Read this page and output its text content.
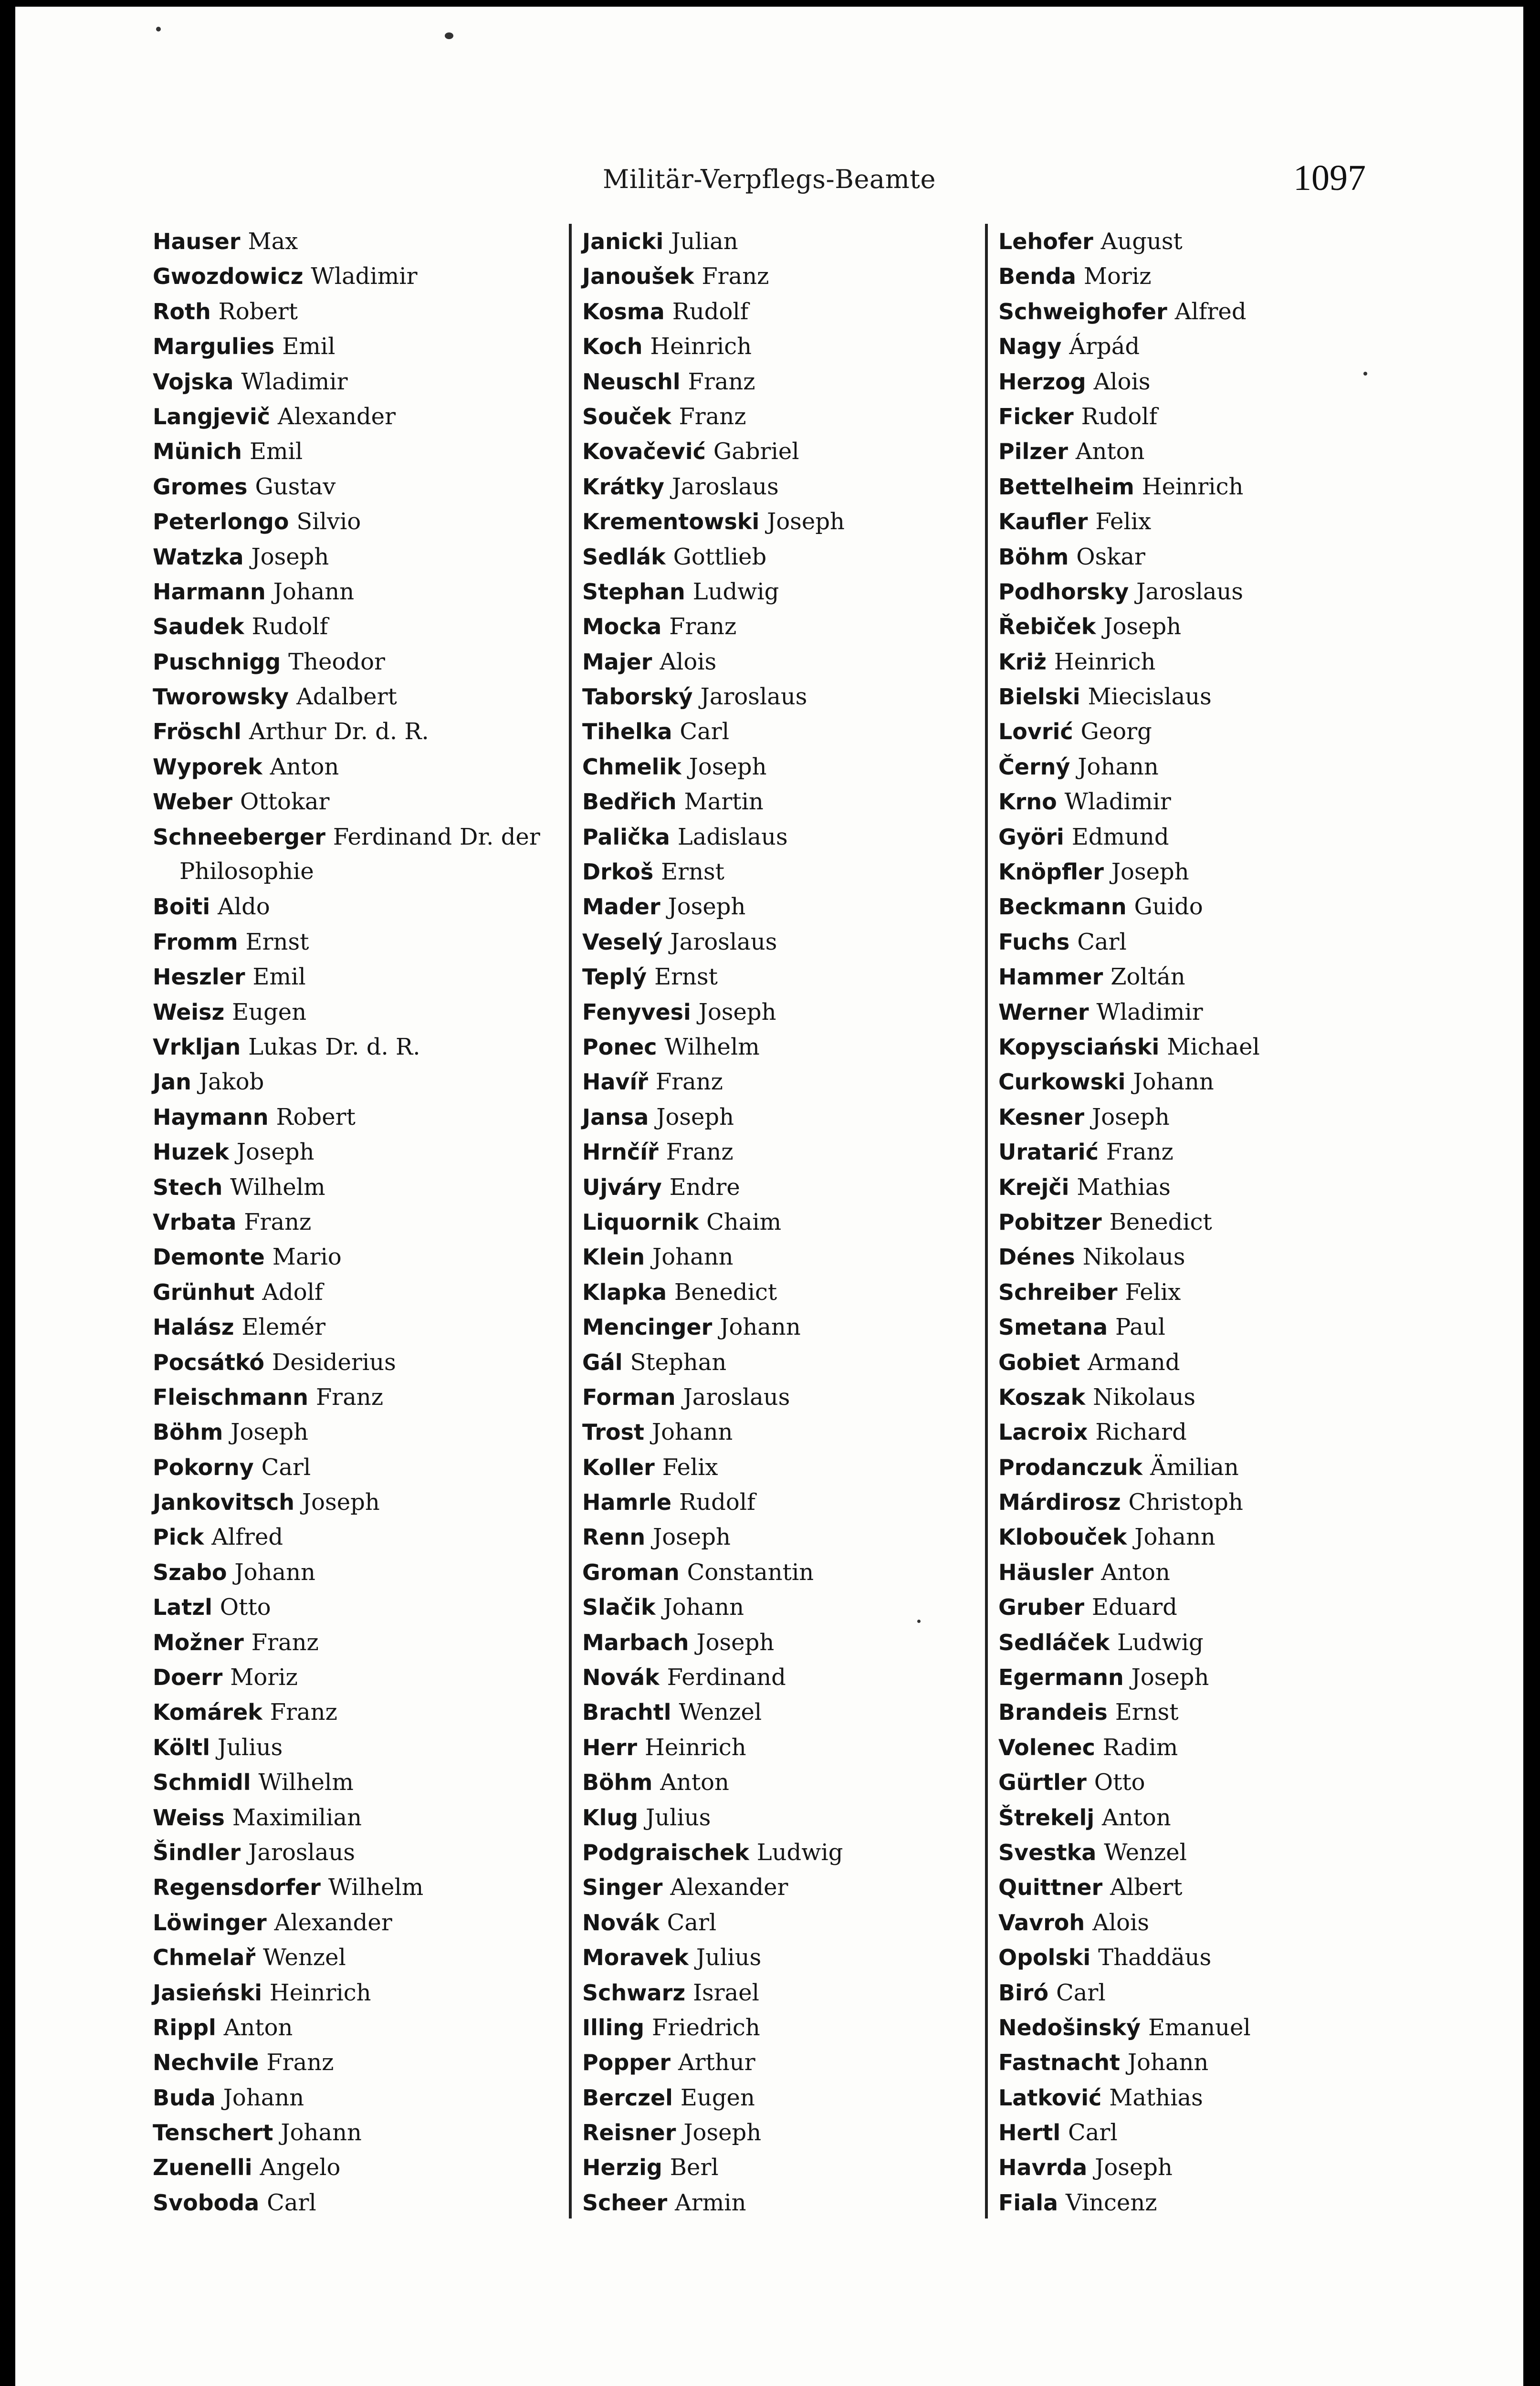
Militär-Verpflegs-Beamte	1097
Hauser Max
Gwozdowicz Wladimir
Roth Robert
Margulies Emil
Vojska Wladimir
Langjevič Alexander
Münich Emil
Gromes Gustav
Peterlongo Silvio
Watzka Joseph
Harmann Johann
Saudek Rudolf
Puschnigg Theodor
Tworowsky Adalbert
Fröschl Arthur Dr. d. R.
Wyporek Anton
Weber Ottokar
Schneeberger Ferdinand Dr. der
Philosophie
Boiti Aldo
Fromm Ernst
Heszler Emil
Weisz Eugen
Vrkljan Lukas Dr. d. R.
Jan Jakob
Haymann Robert
Huzek Joseph
Stech Wilhelm
Vrbata Franz
Demonte Mario
Grünhut Adolf
Halász Elemér
Pocsátkó Desiderius
Fleischmann Franz
Böhm Joseph
Pokorny Carl
Jankovitsch Joseph
Pick Alfred
Szabo Johann
Latzl Otto
Možner Franz
Doerr Moriz
Komárek Franz
Költl Julius
Schmidl Wilhelm
Weiss Maximilian
Šindler Jaroslaus
Regensdorfer Wilhelm
Löwinger Alexander
Chmelař Wenzel
Jasieński Heinrich
Rippl Anton
Nechvile Franz
Buda Johann
Tenschert Johann
Zuenelli Angelo
Svoboda Carl
Janicki Julian
Janoušek Franz
Kosma Rudolf
Koch Heinrich
Neuschl Franz
Souček Franz
Kovačević Gabriel
Krátky Jaroslaus
Krementowski Joseph
Sedlák Gottlieb
Stephan Ludwig
Mocka Franz
Majer Alois
Taborský Jaroslaus
Tihelka Carl
Chmelik Joseph
Bedřich Martin
Palička Ladislaus
Drkoš Ernst
Mader Joseph
Veselý Jaroslaus
Teplý Ernst
Fenyvesi Joseph
Ponec Wilhelm
Havíř Franz
Jansa Joseph
Hrnčíř Franz
Ujváry Endre
Liquornik Chaim
Klein Johann
Klapka Benedict
Mencinger Johann
Gál Stephan
Forman Jaroslaus
Trost Johann
Koller Felix
Hamrle Rudolf
Renn Joseph
Groman Constantin
Slačik Johann
Marbach Joseph
Novák Ferdinand
Brachtl Wenzel
Herr Heinrich
Böhm Anton
Klug Julius
Podgraischek Ludwig
Singer Alexander
Novák Carl
Moravek Julius
Schwarz Israel
Illing Friedrich
Popper Arthur
Berczel Eugen
Reisner Joseph
Herzig Berl
Scheer Armin
Lehofer August
Benda Moriz
Schweighofer Alfred
Nagy Árpád
Herzog Alois
Ficker Rudolf
Pilzer Anton
Bettelheim Heinrich
Kaufler Felix
Böhm Oskar
Podhorsky Jaroslaus
Řebiček Joseph
Kriż Heinrich
Bielski Miecislaus
Lovrić Georg
Černý Johann
Krno Wladimir
Györi Edmund
Knöpfler Joseph
Beckmann Guido
Fuchs Carl
Hammer Zoltán
Werner Wladimir
Kopysciański Michael
Curkowski Johann
Kesner Joseph
Uratarić Franz
Krejči Mathias
Pobitzer Benedict
Dénes Nikolaus
Schreiber Felix
Smetana Paul
Gobiet Armand
Koszak Nikolaus
Lacroix Richard
Prodanczuk Ämilian
Márdirosz Christoph
Klobouček Johann
Häusler Anton
Gruber Eduard
Sedláček Ludwig
Egermann Joseph
Brandeis Ernst
Volenec Radim
Gürtler Otto
Štrekelj Anton
Svestka Wenzel
Quittner Albert
Vavroh Alois
Opolski Thaddäus
Biró Carl
Nedošinský Emanuel
Fastnacht Johann
Latković Mathias
Hertl Carl
Havrda Joseph
Fiala Vincenz
